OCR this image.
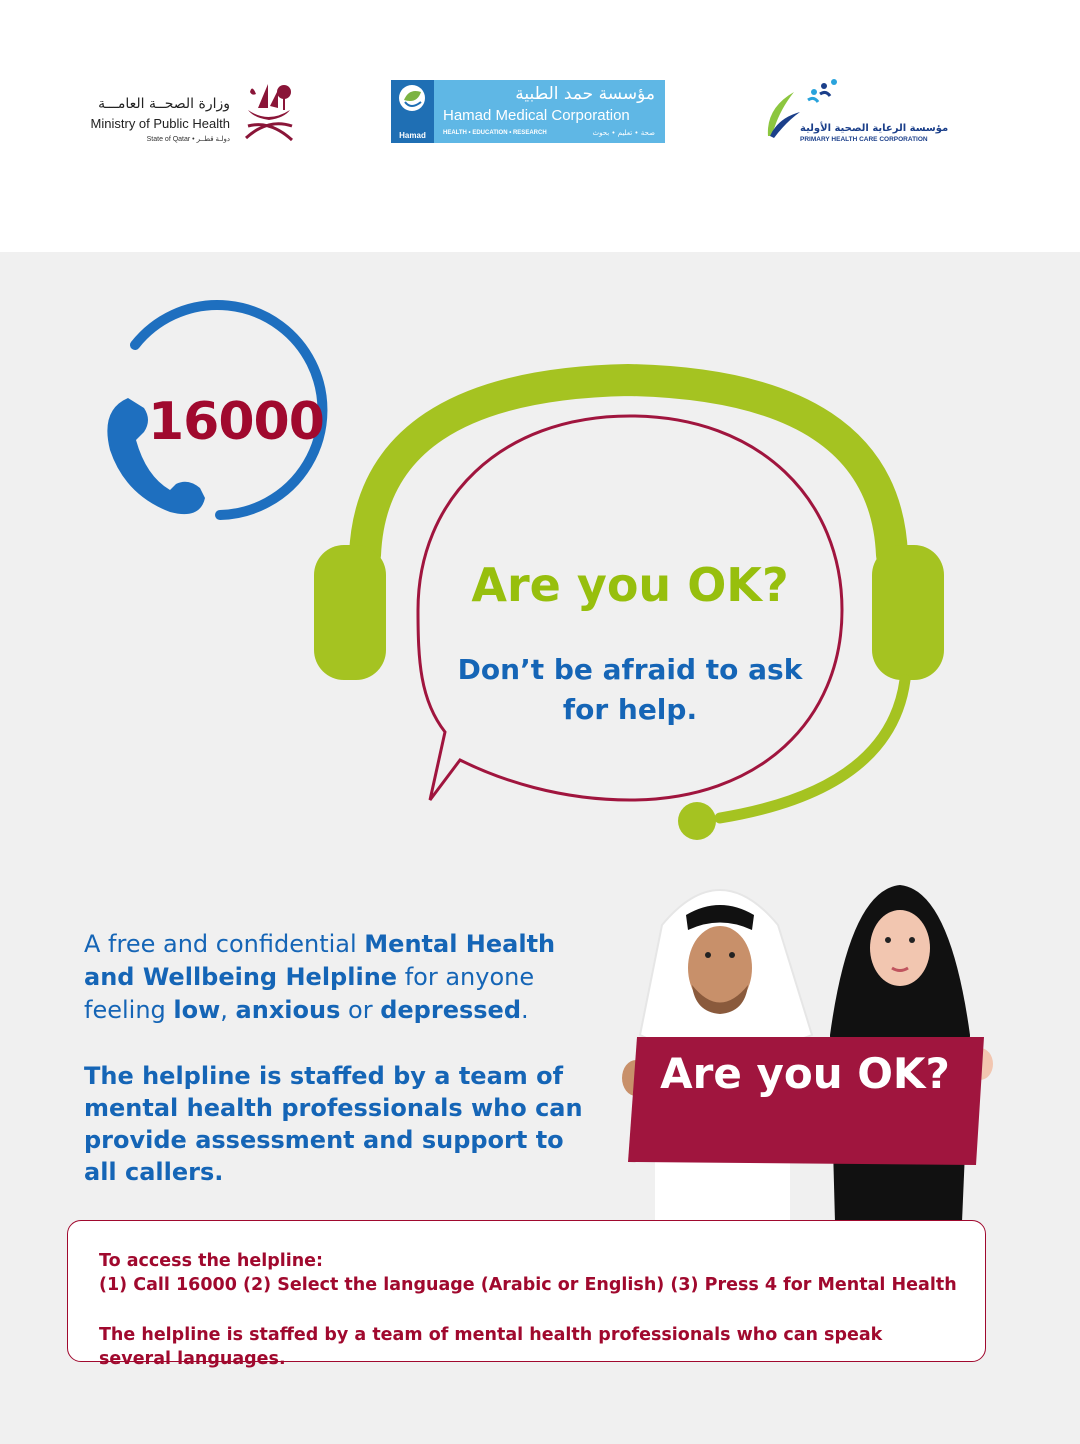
وزارة الصحــة العامـــة
Ministry of Public Health
State of Qatar • دولـة قطــر	Hamad
مؤسسة حمد الطبية
Hamad Medical Corporation
HEALTH • EDUCATION • RESEARCH	صحة • تعليم • بحوث	مؤسسة الرعاية الصحية الأولية
PRIMARY HEALTH CARE CORPORATION
16000
Are you OK?
Don’t be afraid to ask for help.
A free and confidential Mental Health and Wellbeing Helpline for anyone feeling low, anxious or depressed.
The helpline is staffed by a team of mental health professionals who can provide assessment and support to all callers.
Are you OK?

To access the helpline:

(1) Call 16000 (2) Select the language (Arabic or English) (3) Press 4 for Mental Health

The helpline is staffed by a team of mental health professionals who can speak several languages.
